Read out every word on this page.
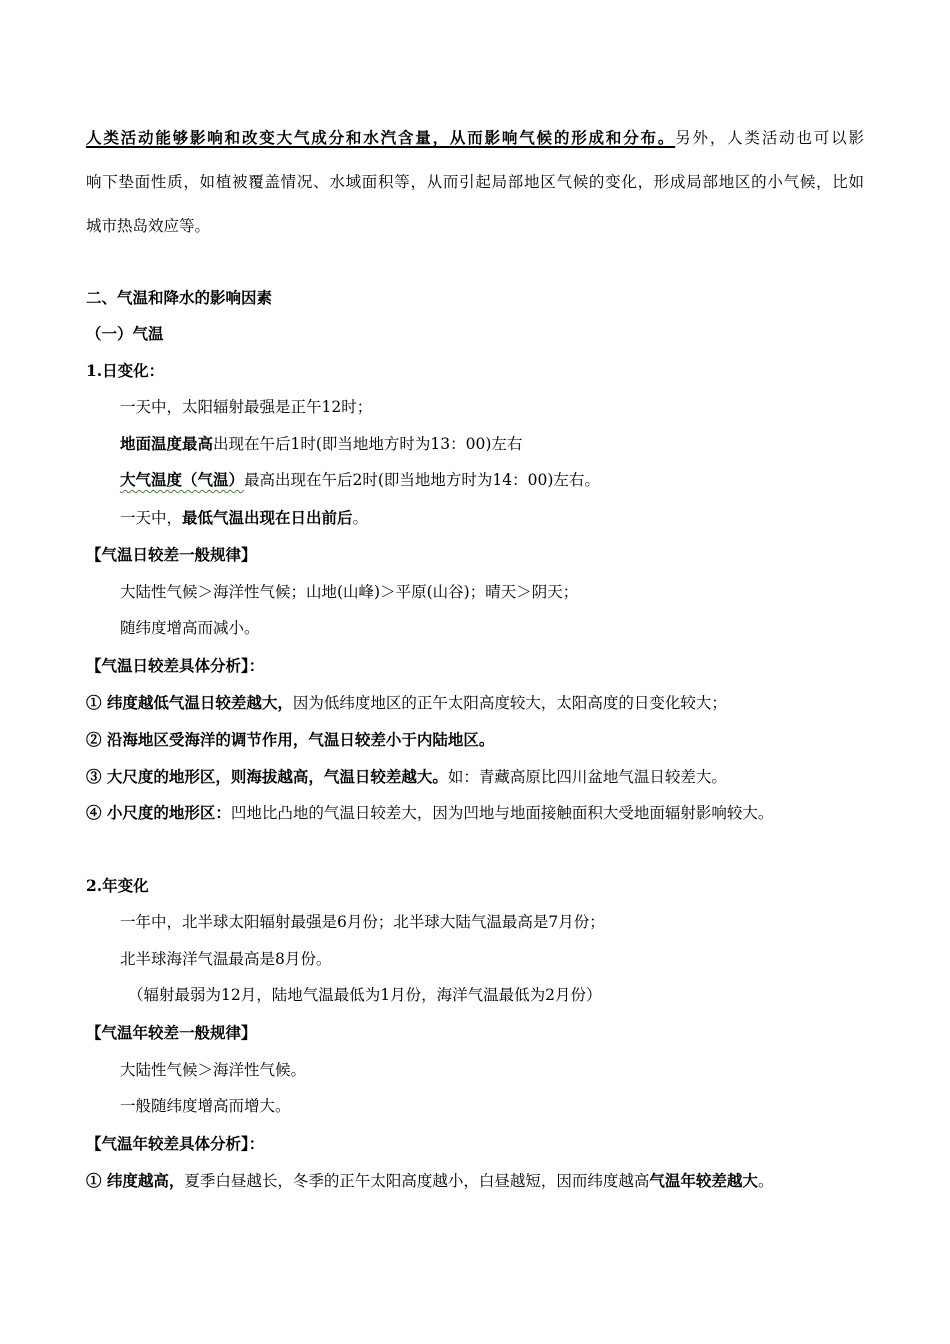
人类活动能够影响和改变大气成分和水汽含量，从而影响气候的形成和分布。另外，人类活动也可以影
响下垫面性质，如植被覆盖情况、水域面积等，从而引起局部地区气候的变化，形成局部地区的小气候，比如
城市热岛效应等。
二、气温和降水的影响因素
（一）气温
1.日变化：
一天中，太阳辐射最强是正午12时；
地面温度最高出现在午后1时(即当地地方时为13：00)左右
大气温度（气温）最高出现在午后2时(即当地地方时为14：00)左右。
一天中，最低气温出现在日出前后。
【气温日较差一般规律】
大陆性气候＞海洋性气候；山地(山峰)＞平原(山谷)；晴天＞阴天；
随纬度增高而减小。
【气温日较差具体分析】：
① 纬度越低气温日较差越大，因为低纬度地区的正午太阳高度较大，太阳高度的日变化较大；
② 沿海地区受海洋的调节作用，气温日较差小于内陆地区。
③ 大尺度的地形区，则海拔越高，气温日较差越大。如：青藏高原比四川盆地气温日较差大。
④ 小尺度的地形区：凹地比凸地的气温日较差大，因为凹地与地面接触面积大受地面辐射影响较大。
2.年变化
一年中，北半球太阳辐射最强是6月份；北半球大陆气温最高是7月份；
北半球海洋气温最高是8月份。
（辐射最弱为12月，陆地气温最低为1月份，海洋气温最低为2月份）
【气温年较差一般规律】
大陆性气候＞海洋性气候。
一般随纬度增高而增大。
【气温年较差具体分析】：
① 纬度越高，夏季白昼越长，冬季的正午太阳高度越小，白昼越短，因而纬度越高气温年较差越大。
